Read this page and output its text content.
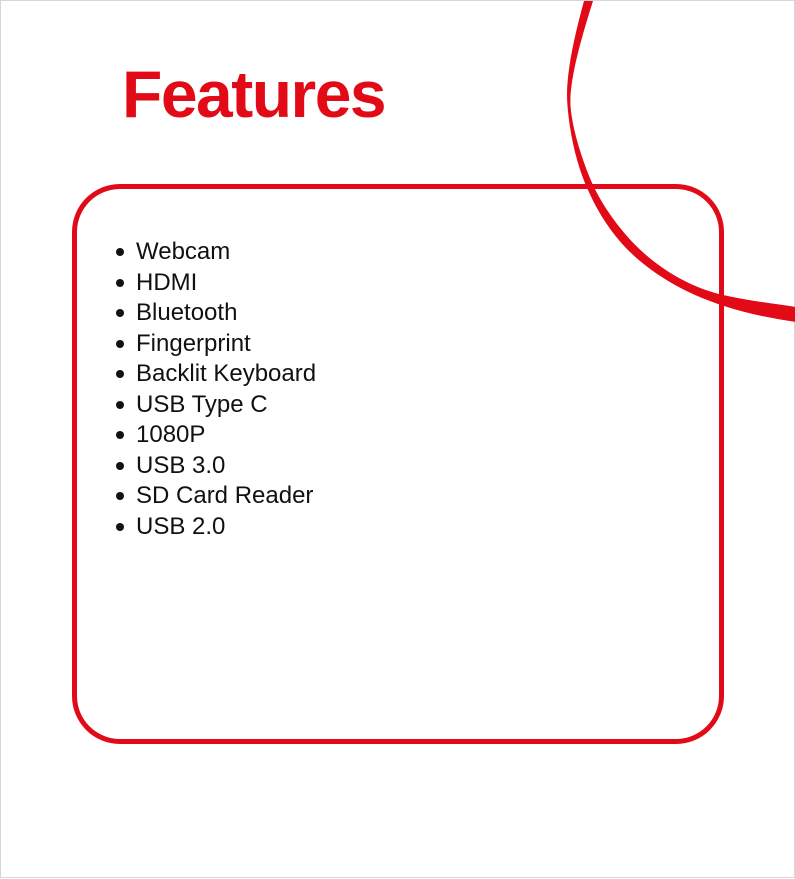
Features
Webcam
HDMI
Bluetooth
Fingerprint
Backlit Keyboard
USB Type C
1080P
USB 3.0
SD Card Reader
USB 2.0
